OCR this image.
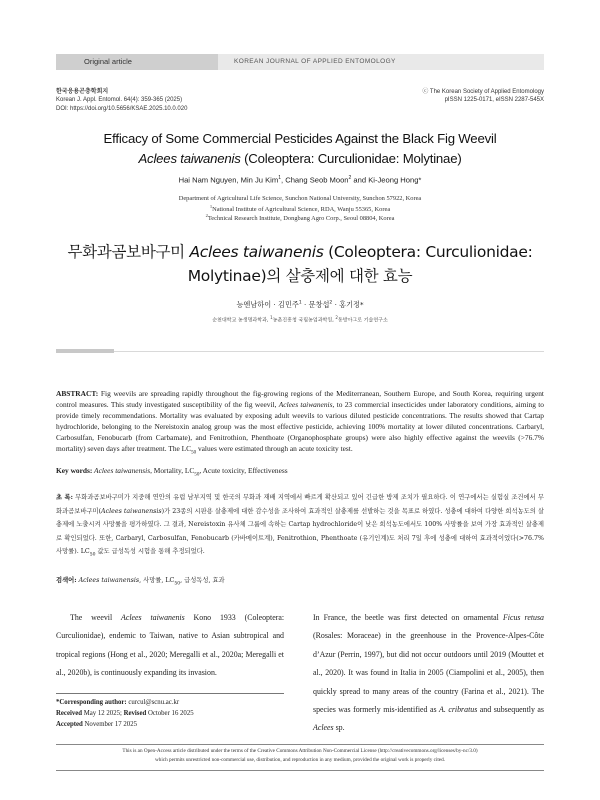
Original article	KOREAN JOURNAL OF APPLIED ENTOMOLOGY
한국응용곤충학회지
Korean J. Appl. Entomol. 64(4): 359-365 (2025)
DOI: https://doi.org/10.5656/KSAE.2025.10.0.020
ⓒ The Korean Society of Applied Entomology
pISSN 1225-0171, eISSN 2287-545X
Efficacy of Some Commercial Pesticides Against the Black Fig Weevil
Aclees taiwanenis (Coleoptera: Curculionidae: Molytinae)
Hai Nam Nguyen, Min Ju Kim$^1$, Chang Seob Moon$^2$ and Ki-Jeong Hong*
Department of Agricultural Life Science, Sunchon National University, Sunchon 57922, Korea
$^1$National Institute of Agricultural Science, RDA, Wanju 55365, Korea
$^2$Technical Research Institute, Dongbang Agro Corp., Seoul 08804, Korea
무화과곰보바구미 Aclees taiwanenis (Coleoptera: Curculionidae:
Molytinae)의 살충제에 대한 효능
능엔남하이 · 김민주$^1$ · 문창섭$^2$ · 홍기정*
순천대학교 농생명과학과, $^1$농촌진흥청 국립농업과학원, $^2$동방아그로 기술연구소
ABSTRACT: Fig weevils are spreading rapidly throughout the fig-growing regions of the Mediterranean, Southern Europe, and South Korea, requiring urgent control measures. This study investigated susceptibility of the fig weevil, Aclees taiwanenis, to 23 commercial insecticides under laboratory conditions, aiming to provide timely recommendations. Mortality was evaluated by exposing adult weevils to various diluted pesticide concentrations. The results showed that Cartap hydrochloride, belonging to the Nereistoxin analog group was the most effective pesticide, achieving 100% mortality at lower diluted concentrations. Carbaryl, Carbosulfan, Fenobucarb (from Carbamate), and Fenitrothion, Phenthoate (Organophosphate groups) were also highly effective against the weevils (>76.7% mortality) seven days after treatment. The $LC_{50}$ values were estimated through an acute toxicity test.
Key words: Aclees taiwanensis, Mortality, $LC_{50}$, Acute toxicity, Effectiveness
초 록: 무화과곰보바구미가 지중해 연안의 유럽 남부지역 및 한국의 무화과 재배 지역에서 빠르게 확산되고 있어 긴급한 방제 조치가 필요하다. 이 연구에서는 실험실 조건에서 무화과곰보바구미(Aclees taiwanensis)가 23종의 시판용 살충제에 대한 감수성을 조사하여 효과적인 살충제를 선발하는 것을 목표로 하였다. 성충에 대하여 다양한 희석농도의 살충제에 노출시켜 사망률을 평가하였다. 그 결과, Nereistoxin 유사체 그룹에 속하는 Cartap hydrochloride이 낮은 희석농도에서도 100% 사망률을 보여 가장 효과적인 살충제로 확인되었다. 또한, Carbaryl, Carbosulfan, Fenobucarb (카바메이트계), Fenitrothion, Phenthoate (유기인계)도 처리 7일 후에 성충에 대하여 효과적이었다(>76.7% 사망률). $LC_{50}$ 값도 급성독성 시험을 통해 추정되었다.
검색어: Aclees taiwanensis, 사망률, $LC_{50}$, 급성독성, 효과
The weevil Aclees taiwanenis Kono 1933 (Coleoptera: Curculionidae), endemic to Taiwan, native to Asian subtropical and tropical regions (Hong et al., 2020; Meregalli et al., 2020a; Meregalli et al., 2020b), is continuously expanding its invasion.
In France, the beetle was first detected on ornamental Ficus retusa (Rosales: Moraceae) in the greenhouse in the Provence-Alpes-Côte d’Azur (Perrin, 1997), but did not occur outdoors until 2019 (Mouttet et al., 2020). It was found in Italia in 2005 (Ciampolini et al., 2005), then quickly spread to many areas of the country (Farina et al., 2021). The species was formerly mis-identified as A. cribratus and subsequently as Aclees sp.
*Corresponding author: curcul@scnu.ac.kr
Received May 12 2025; Revised October 16 2025
Accepted November 17 2025
This is an Open-Access article distributed under the terms of the Creative Commons Attribution Non-Commercial License (http://creativecommons.org/licenses/by-nc/3.0)
which permits unrestricted non-commercial use, distribution, and reproduction in any medium, provided the original work is properly cited.
